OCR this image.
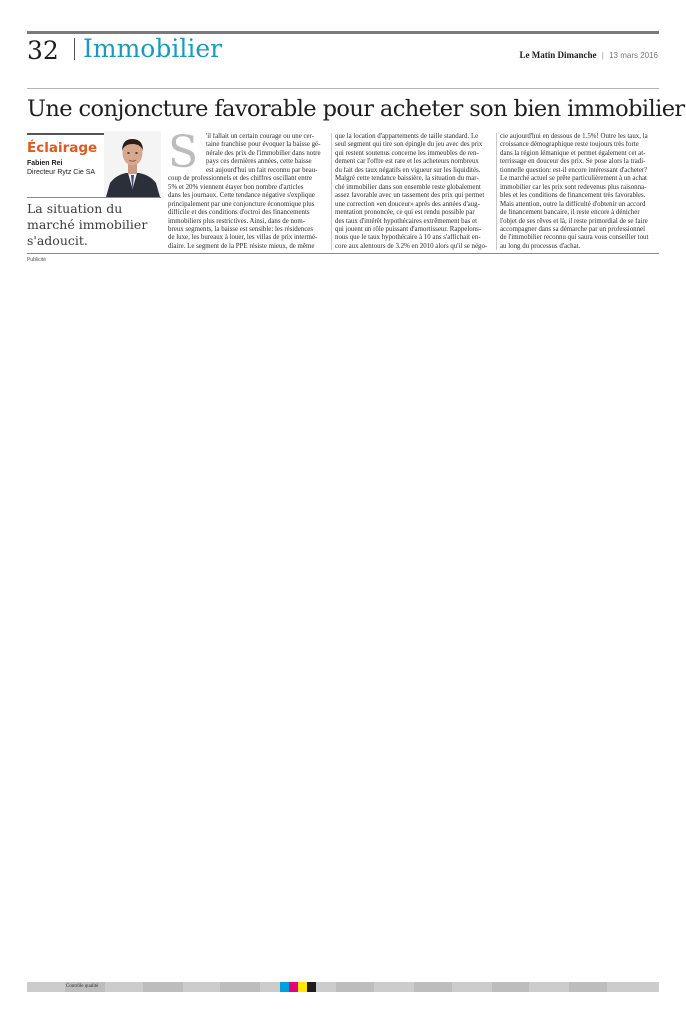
32 Immobilier	Le Matin Dimanche | 13 mars 2016
Une conjoncture favorable pour acheter son bien immobilier
Éclairage
Fabien Rei
Directeur Rytz Cie SA
La situation du marché immobilier s'adoucit.
S	'il fallait un certain courage ou une cer-
taine franchise pour évoquer la baisse gé-
nérale des prix de l'immobilier dans notre
pays ces dernières années, cette baisse
est aujourd'hui un fait reconnu par beau-
coup de professionnels et des chiffres oscillant entre
5% et 20% viennent étayer bon nombre d'articles
dans les journaux. Cette tendance négative s'explique
principalement par une conjoncture économique plus
difficile et des conditions d'octroi des financements
immobiliers plus restrictives. Ainsi, dans de nom-
breux segments, la baisse est sensible: les résidences
de luxe, les bureaux à louer, les villas de prix intermé-
diaire. Le segment de la PPE résiste mieux, de même
que la location d'appartements de taille standard. Le
seul segment qui tire son épingle du jeu avec des prix
qui restent soutenus concerne les immeubles de ren-
dement car l'offre est rare et les acheteurs nombreux
du fait des taux négatifs en vigueur sur les liquidités.
Malgré cette tendance baissière, la situation du mar-
ché immobilier dans son ensemble reste globalement
assez favorable avec un tassement des prix qui permet
une correction «en douceur» après des années d'aug-
mentation prononcée, ce qui est rendu possible par
des taux d'intérêt hypothécaires extrêmement bas et
qui jouent un rôle puissant d'amortisseur. Rappelons-
nous que le taux hypothécaire à 10 ans s'affichait en-
core aux alentours de 3.2% en 2010 alors qu'il se négo-
cie aujourd'hui en dessous de 1.5%! Outre les taux, la
croissance démographique reste toujours très forte
dans la région lémanique et permet également cet at-
terrissage en douceur des prix. Se pose alors la tradi-
tionnelle question: est-il encore intéressant d'acheter?
Le marché actuel se prête particulièrement à un achat
immobilier car les prix sont redevenus plus raisonna-
bles et les conditions de financement très favorables.
Mais attention, outre la difficulté d'obtenir un accord
de financement bancaire, il reste encore à dénicher
l'objet de ses rêves et là, il reste primordial de se faire
accompagner dans sa démarche par un professionnel
de l'immobilier reconnu qui saura vous conseiller tout
au long du processus d'achat.
Publicité
Contrôle qualité
